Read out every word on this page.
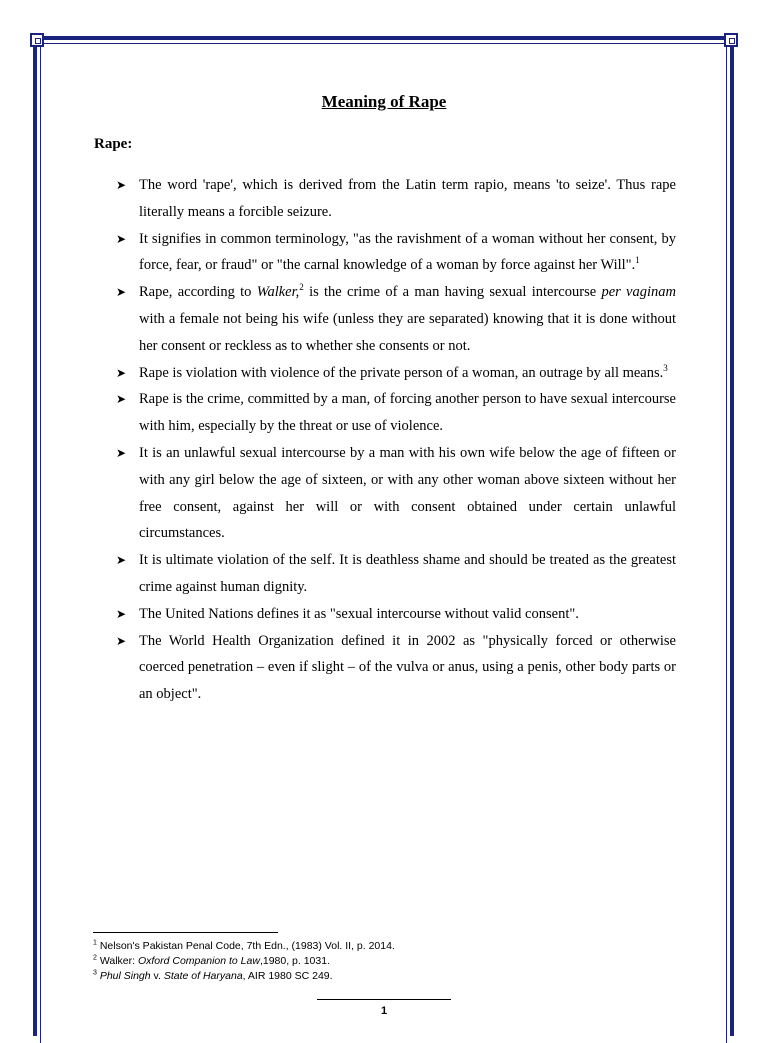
Meaning of Rape
Rape:
➤ The word 'rape', which is derived from the Latin term rapio, means 'to seize'. Thus rape literally means a forcible seizure.
➤ It signifies in common terminology, "as the ravishment of a woman without her consent, by force, fear, or fraud" or "the carnal knowledge of a woman by force against her Will".$^1$
➤ Rape, according to Walker,$^2$ is the crime of a man having sexual intercourse per vaginam with a female not being his wife (unless they are separated) knowing that it is done without her consent or reckless as to whether she consents or not.
➤ Rape is violation with violence of the private person of a woman, an outrage by all means.$^3$
➤ Rape is the crime, committed by a man, of forcing another person to have sexual intercourse with him, especially by the threat or use of violence.
➤ It is an unlawful sexual intercourse by a man with his own wife below the age of fifteen or with any girl below the age of sixteen, or with any other woman above sixteen without her free consent, against her will or with consent obtained under certain unlawful circumstances.
➤ It is ultimate violation of the self. It is deathless shame and should be treated as the greatest crime against human dignity.
➤ The United Nations defines it as "sexual intercourse without valid consent".
➤ The World Health Organization defined it in 2002 as "physically forced or otherwise coerced penetration – even if slight – of the vulva or anus, using a penis, other body parts or an object".
$^1$ Nelson's Pakistan Penal Code, 7th Edn., (1983) Vol. II, p. 2014.
$^2$ Walker: Oxford Companion to Law,1980, p. 1031.
$^3$ Phul Singh v. State of Haryana, AIR 1980 SC 249.
1
